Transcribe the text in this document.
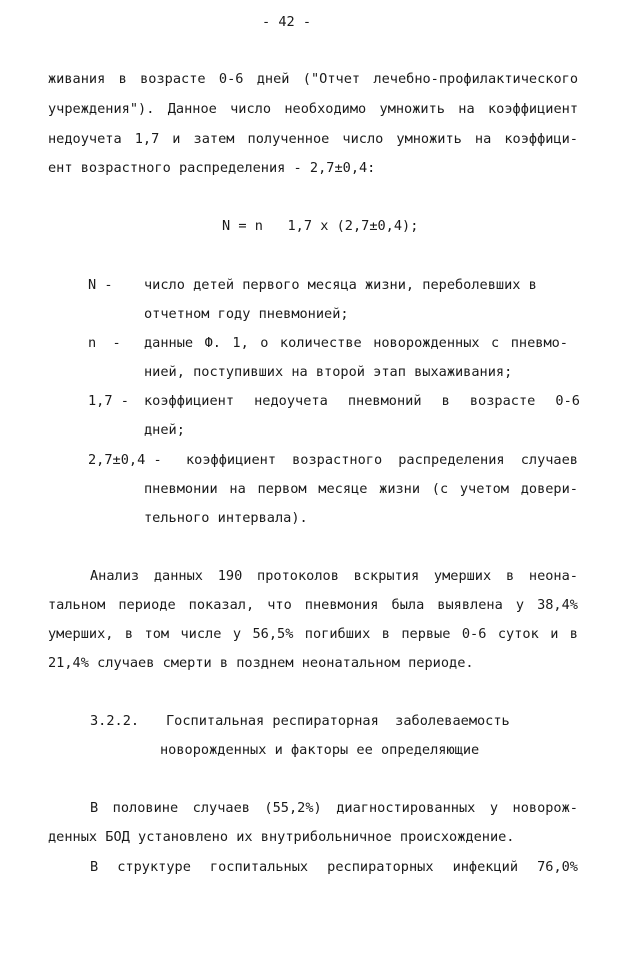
- 42 -
живания в возрасте 0-6 дней ("Отчет лечебно-профилактического
учреждения"). Данное число необходимо умножить на коэффициент
недоучета 1,7 и затем полученное число умножить на коэффици-
ент возрастного распределения - 2,7±0,4:
N = n   1,7 x (2,7±0,4);
N - число детей первого месяца жизни, переболевших в
отчетном году пневмонией;
n  - данные Ф. 1, о количестве новорожденных с пневмо-
нией, поступивших на второй этап выхаживания;
1,7 - коэффициент недоучета пневмоний в возрасте 0-6
дней;
2,7±0,4 - коэффициент возрастного распределения случаев
пневмонии на первом месяце жизни (с учетом довери-
тельного интервала).
Анализ данных 190 протоколов вскрытия умерших в неона-
тальном периоде показал, что пневмония была выявлена у 38,4%
умерших, в том числе у 56,5% погибших в первые 0-6 суток и в
21,4% случаев смерти в позднем неонатальном периоде.
3.2.2. Госпитальная респираторная  заболеваемость
новорожденных и факторы ее определяющие
В половине случаев (55,2%) диагностированных у новорож-
денных БОД установлено их внутрибольничное происхождение.
В структуре госпитальных респираторных инфекций 76,0%
